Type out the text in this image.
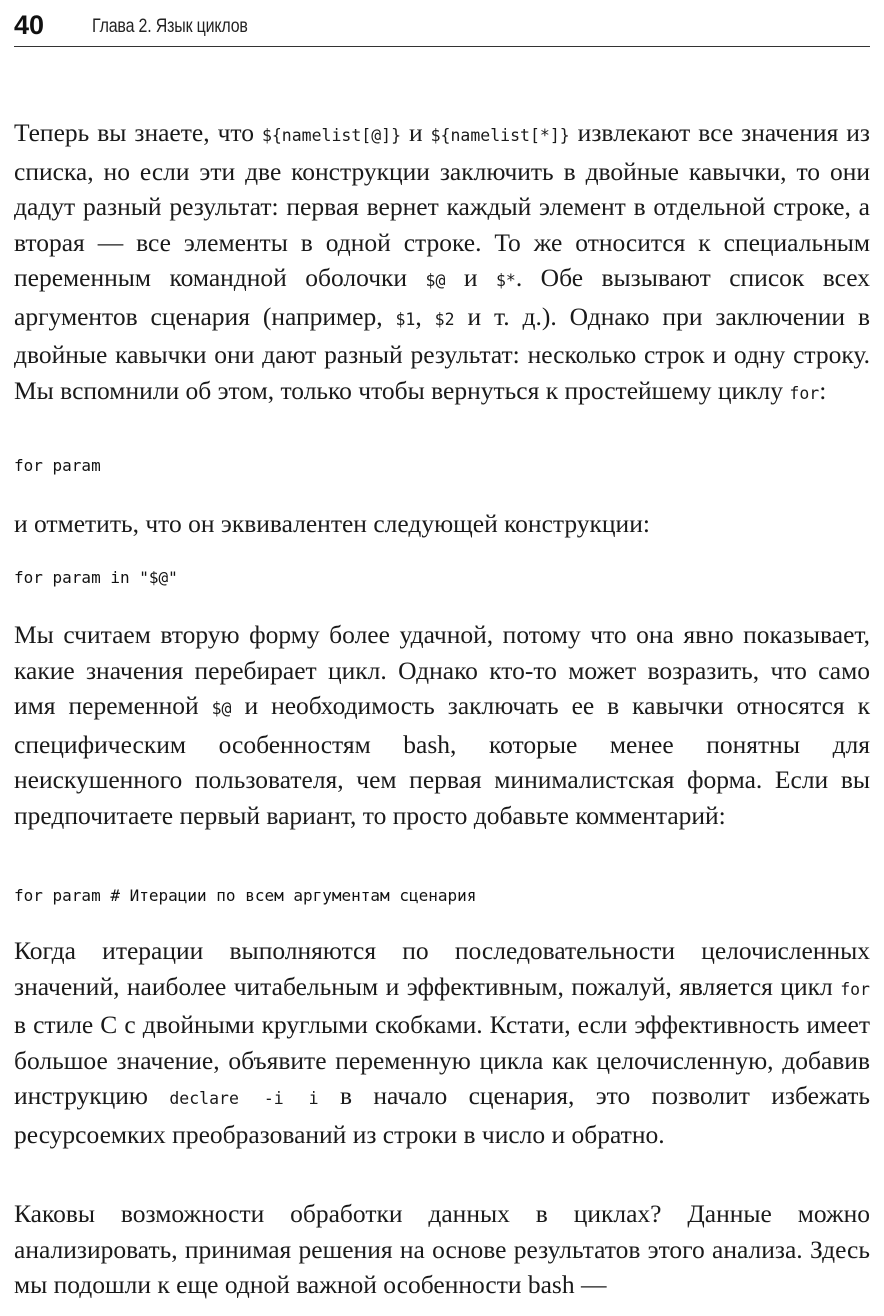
40	Глава 2. Язык циклов

Теперь вы знаете, что ${namelist[@]} и ${namelist[*]} извлекают все значения из списка, но если эти две конструкции заключить в двойные кавычки, то они дадут разный результат: первая вернет каждый элемент в отдельной строке, а вторая — все элементы в одной строке. То же относится к специальным переменным командной оболочки $@ и $*. Обе вызывают список всех аргументов сценария (например, $1, $2 и т. д.). Однако при заключении в двойные кавычки они дают разный результат: несколько строк и одну строку. Мы вспомнили об этом, только чтобы вернуться к простейшему циклу for:

for param

и отметить, что он эквивалентен следующей конструкции:

for param in "$@"

Мы считаем вторую форму более удачной, потому что она явно показывает, какие значения перебирает цикл. Однако кто-то может возразить, что само имя переменной $@ и необходимость заключать ее в кавычки относятся к специфическим особенностям bash, которые менее понятны для неискушенного пользователя, чем первая минималистская форма. Если вы предпочитаете первый вариант, то просто добавьте комментарий:

for param # Итерации по всем аргументам сценария

Когда итерации выполняются по последовательности целочисленных значений, наиболее читабельным и эффективным, пожалуй, является цикл for в стиле C с двойными круглыми скобками. Кстати, если эффективность имеет большое значение, объявите переменную цикла как целочисленную, добавив инструкцию declare -i i в начало сценария, это позволит избежать ресурсоемких преобразований из строки в число и обратно.

Каковы возможности обработки данных в циклах? Данные можно анализировать, принимая решения на основе результатов этого анализа. Здесь мы подошли к еще одной важной особенности bash —
